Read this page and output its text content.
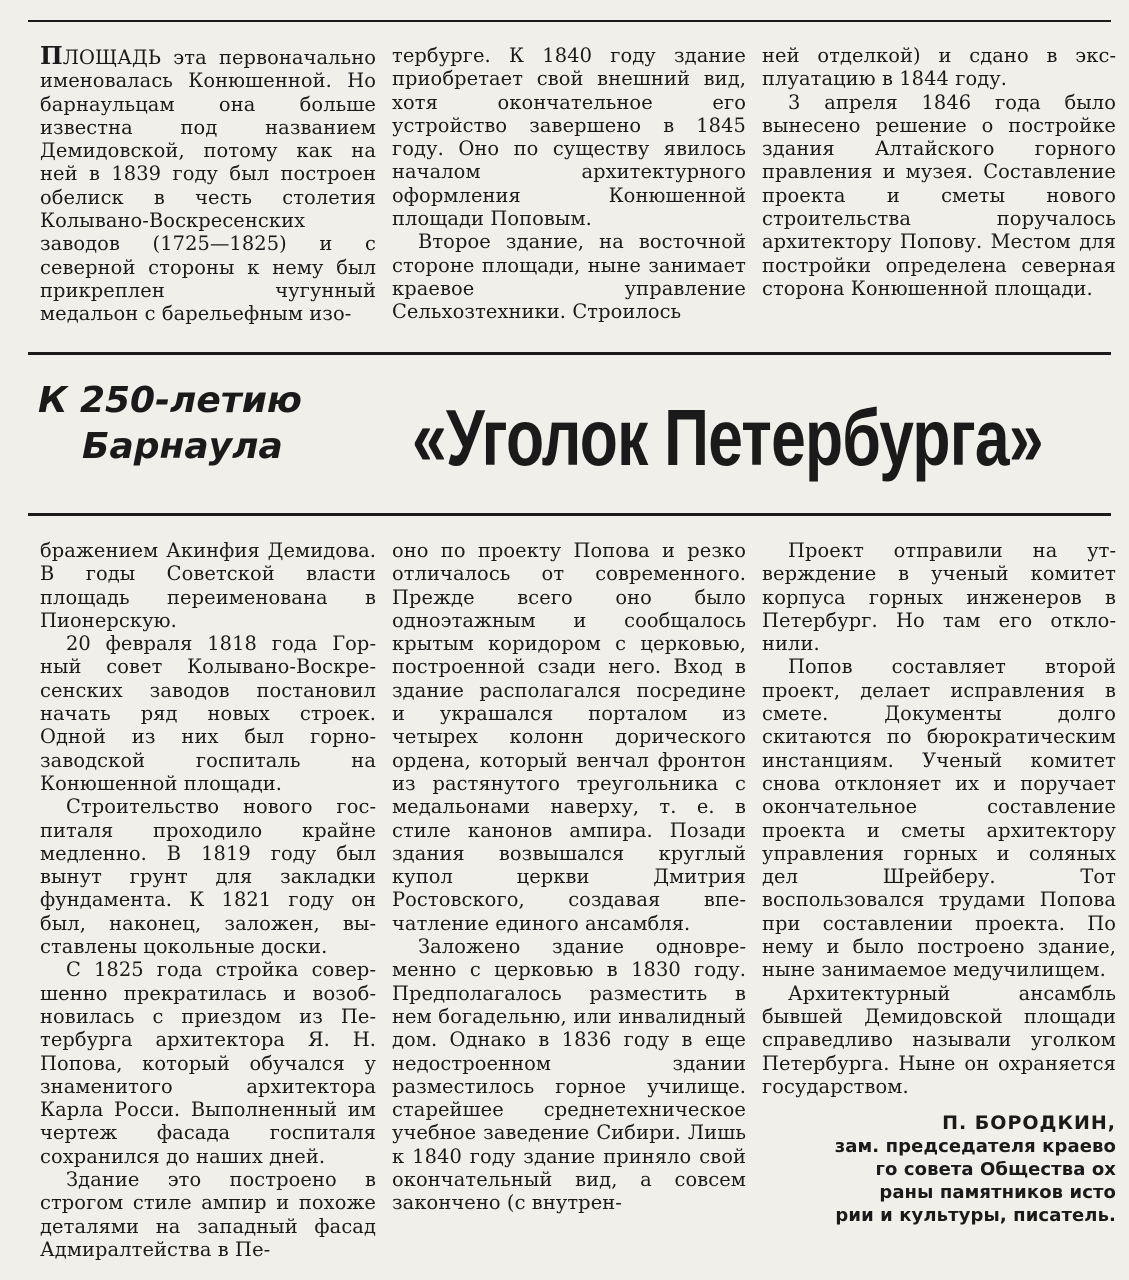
ПЛОЩАДЬ эта первоначально именовалась Конюшенной. Но барнаульцам она больше известна под названием Демидовской, потому как на ней в 1839 году был построен обелиск в честь столетия Колывано-Воскресенских заводов (1725—1825) и с северной стороны к нему был прикреплен чугунный медальон с барельефным изо-

тербурге. К 1840 году здание приобретает свой внешний вид, хотя окончательное его устройство завершено в 1845 году. Оно по существу явилось началом архитектурного оформления Конюшенной площади Поповым.

Второе здание, на восточной стороне площади, ныне занимает краевое управление Сельхозтехники. Строилось

ней отделкой) и сдано в эксплуатацию в 1844 году.

3 апреля 1846 года было вынесено решение о постройке здания Алтайского горного правления и музея. Составление проекта и сметы нового строительства поручалось архитектору Попову. Местом для постройки определена северная сторона Конюшенной площади.

К 250-летию
Барнаула «Уголок Петербурга»

бражением Акинфия Демидова. В годы Советской власти площадь переименована в Пионерскую.

20 февраля 1818 года Горный совет Колывано-Воскресенских заводов постановил начать ряд новых строек. Одной из них был горнозаводской госпиталь на Конюшенной площади.

Строительство нового госпиталя проходило крайне медленно. В 1819 году был вынут грунт для закладки фундамента. К 1821 году он был, наконец, заложен, выставлены цокольные доски.

С 1825 года стройка совершенно прекратилась и возобновилась с приездом из Петербурга архитектора Я. Н. Попова, который обучался у знаменитого архитектора Карла Росси. Выполненный им чертеж фасада госпиталя сохранился до наших дней.

Здание это построено в строгом стиле ампир и похоже деталями на западный фасад Адмиралтейства в Пе-

оно по проекту Попова и резко отличалось от современного. Прежде всего оно было одноэтажным и сообщалось крытым коридором с церковью, построенной сзади него. Вход в здание располагался посредине и украшался порталом из четырех колонн дорического ордена, который венчал фронтон из растянутого треугольника с медальонами наверху, т. е. в стиле канонов ампира. Позади здания возвышался круглый купол церкви Дмитрия Ростовского, создавая впечатление единого ансамбля.

Заложено здание одновременно с церковью в 1830 году. Предполагалось разместить в нем богадельню, или инвалидный дом. Однако в 1836 году в еще недостроенном здании разместилось горное училище. старейшее среднетехническое учебное заведение Сибири. Лишь к 1840 году здание приняло свой окончательный вид, а совсем закончено (с внутрен-

Проект отправили на утверждение в ученый комитет корпуса горных инженеров в Петербург. Но там его отклонили.

Попов составляет второй проект, делает исправления в смете. Документы долго скитаются по бюрократическим инстанциям. Ученый комитет снова отклоняет их и поручает окончательное составление проекта и сметы архитектору управления горных и соляных дел Шрейберу. Тот воспользовался трудами Попова при составлении проекта. По нему и было построено здание, ныне занимаемое медучилищем.

Архитектурный ансамбль бывшей Демидовской площади справедливо называли уголком Петербурга. Ныне он охраняется государством.

П. БОРОДКИН,
зам. председателя краево
го совета Общества ох
раны памятников исто
рии и культуры, писатель.
